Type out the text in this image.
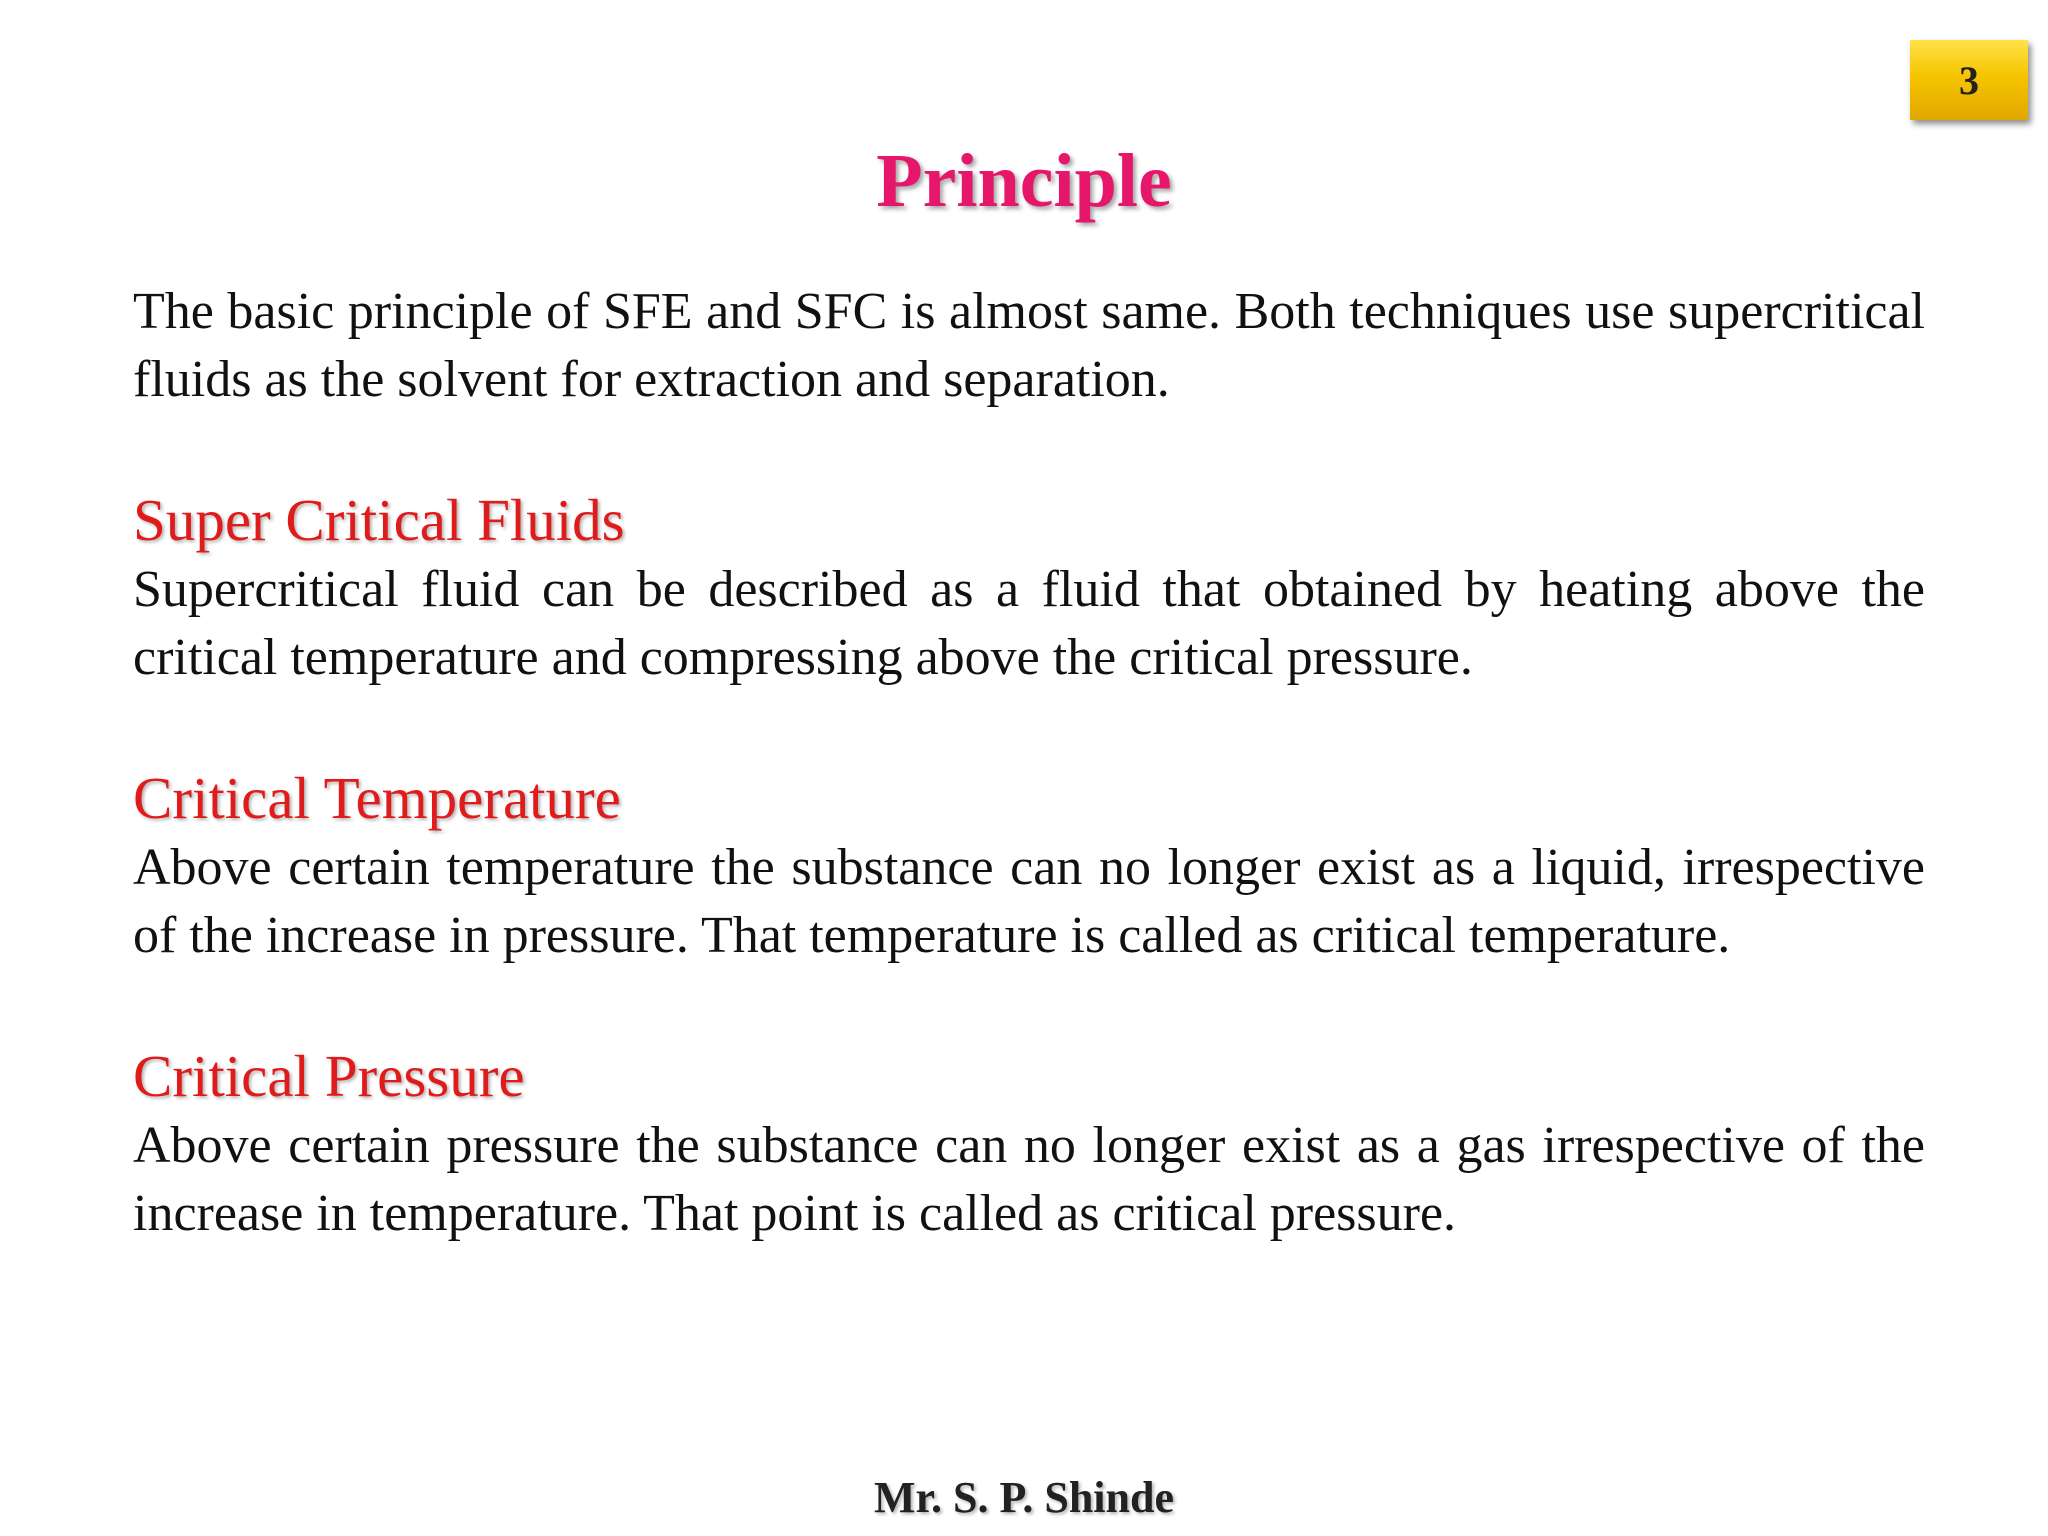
3
Principle

The basic principle of SFE and SFC is almost same. Both techniques use supercritical fluids as the solvent for extraction and separation.

Super Critical Fluids

Supercritical fluid can be described as a fluid that obtained by heating above the critical temperature and compressing above the critical pressure.

Critical Temperature

Above certain temperature the substance can no longer exist as a liquid, irrespective of the increase in pressure. That temperature is called as critical temperature.

Critical Pressure

Above certain pressure the substance can no longer exist as a gas irrespective of the increase in temperature. That point is called as critical pressure.

Mr. S. P. Shinde
